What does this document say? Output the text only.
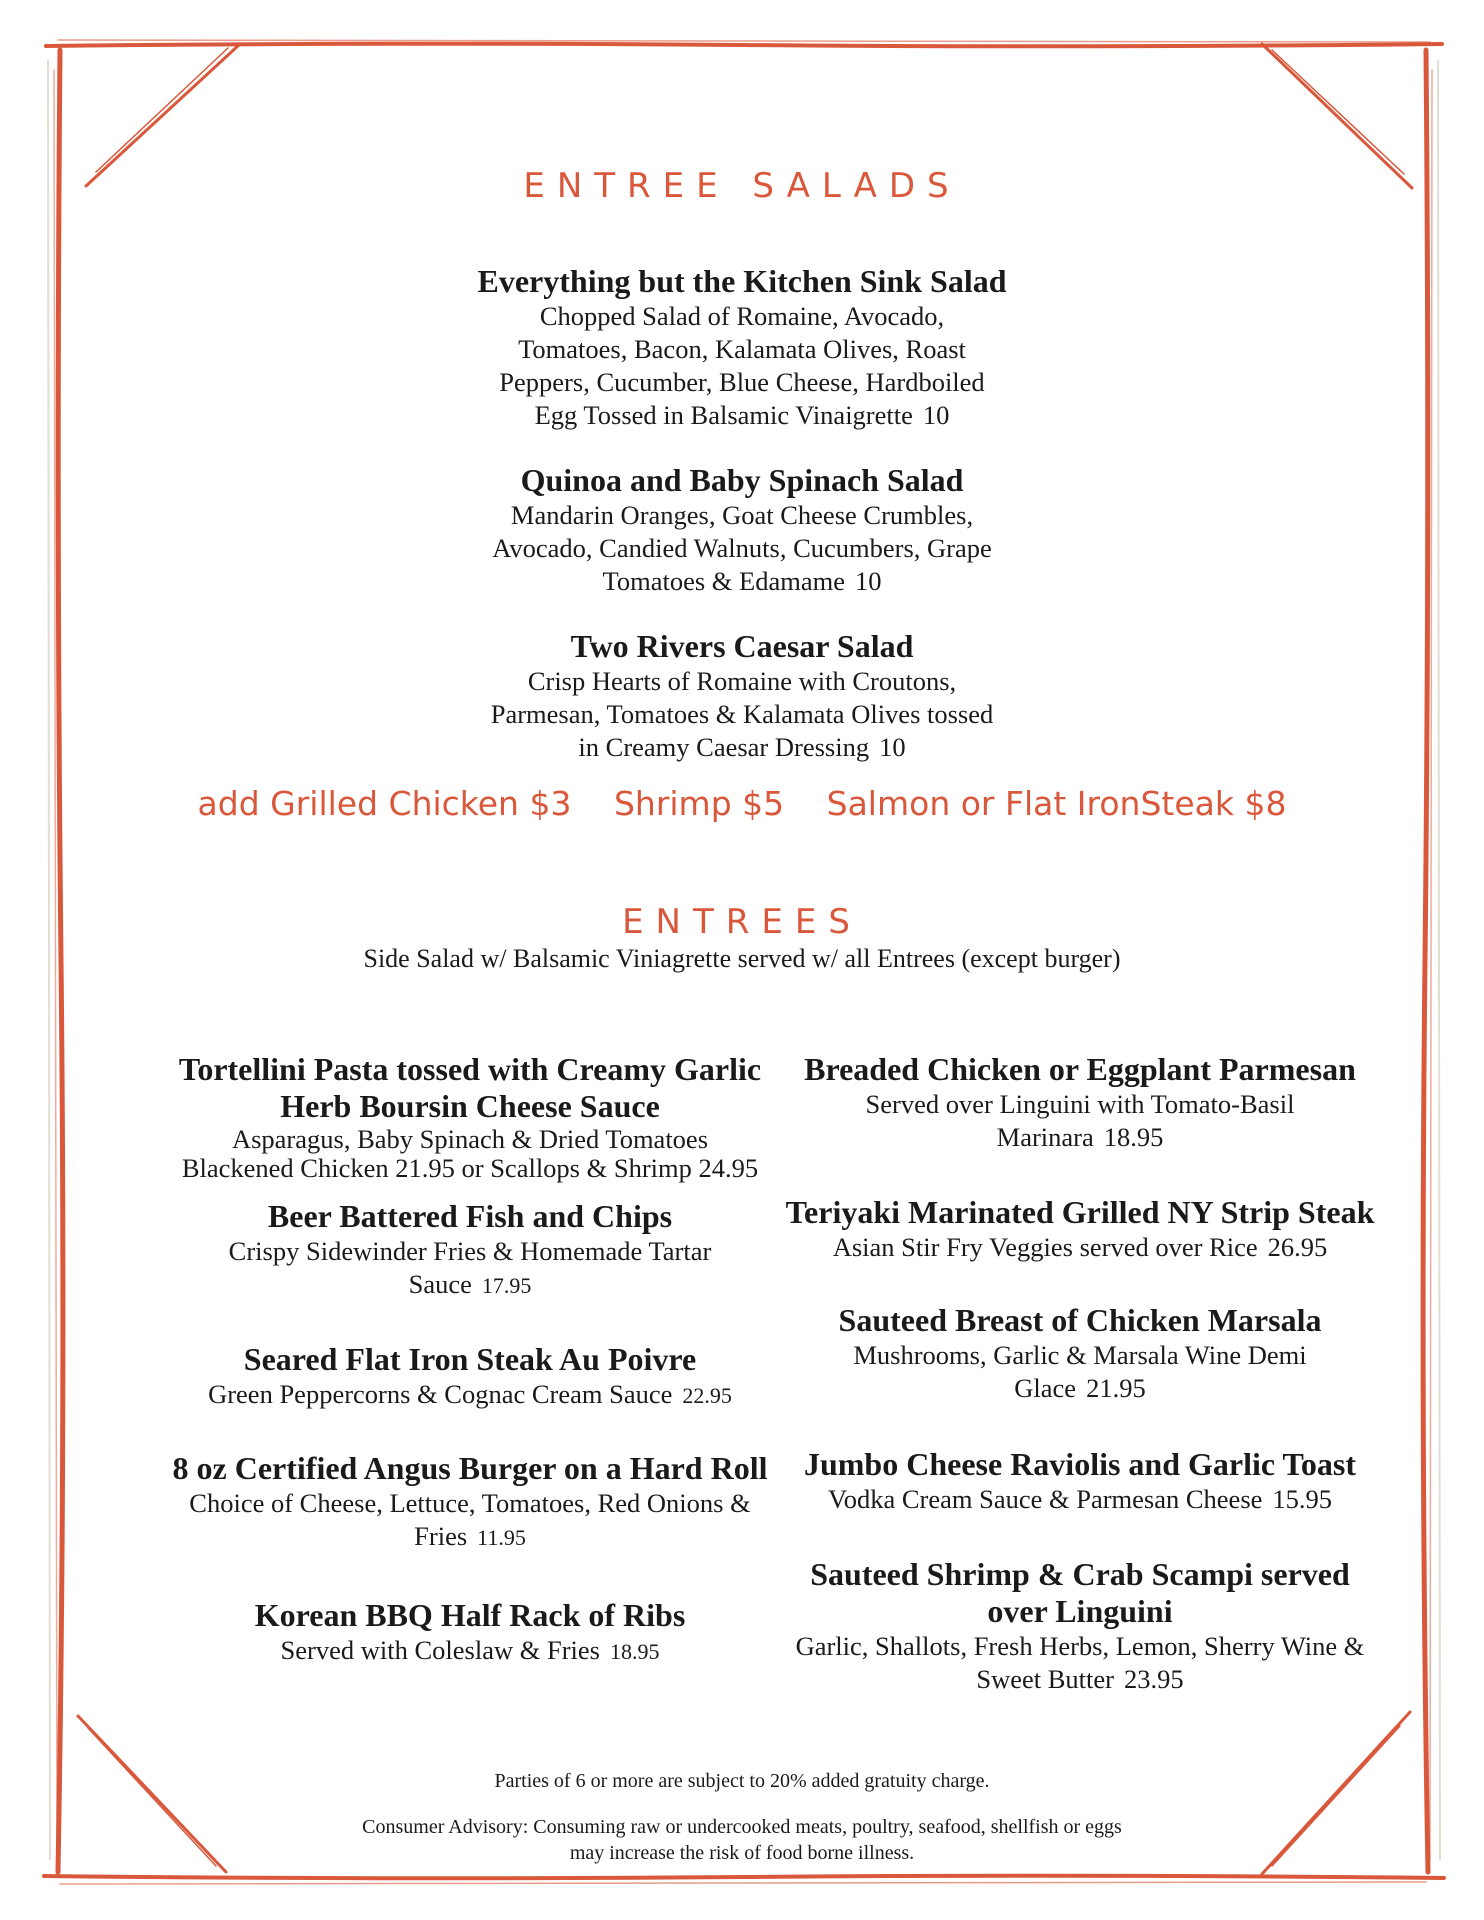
ENTREE SALADS
Everything but the Kitchen Sink Salad
Chopped Salad of Romaine, Avocado,
Tomatoes, Bacon, Kalamata Olives, Roast
Peppers, Cucumber, Blue Cheese, Hardboiled
Egg Tossed in Balsamic Vinaigrette 10
Quinoa and Baby Spinach Salad
Mandarin Oranges, Goat Cheese Crumbles,
Avocado, Candied Walnuts, Cucumbers, Grape
Tomatoes & Edamame 10
Two Rivers Caesar Salad
Crisp Hearts of Romaine with Croutons,
Parmesan, Tomatoes & Kalamata Olives tossed
in Creamy Caesar Dressing 10
add Grilled Chicken $3 Shrimp $5 Salmon or Flat IronSteak $8
ENTREES
Side Salad w/ Balsamic Viniagrette served w/ all Entrees (except burger)
Tortellini Pasta tossed with Creamy Garlic
Herb Boursin Cheese Sauce
Asparagus, Baby Spinach & Dried Tomatoes
Blackened Chicken 21.95 or Scallops & Shrimp 24.95
Beer Battered Fish and Chips
Crispy Sidewinder Fries & Homemade Tartar
Sauce 17.95
Seared Flat Iron Steak Au Poivre
Green Peppercorns & Cognac Cream Sauce 22.95
8 oz Certified Angus Burger on a Hard Roll
Choice of Cheese, Lettuce, Tomatoes, Red Onions &
Fries 11.95
Korean BBQ Half Rack of Ribs
Served with Coleslaw & Fries 18.95
Breaded Chicken or Eggplant Parmesan
Served over Linguini with Tomato-Basil
Marinara 18.95
Teriyaki Marinated Grilled NY Strip Steak
Asian Stir Fry Veggies served over Rice 26.95
Sauteed Breast of Chicken Marsala
Mushrooms, Garlic & Marsala Wine Demi
Glace 21.95
Jumbo Cheese Raviolis and Garlic Toast
Vodka Cream Sauce & Parmesan Cheese 15.95
Sauteed Shrimp & Crab Scampi served
over Linguini
Garlic, Shallots, Fresh Herbs, Lemon, Sherry Wine &
Sweet Butter 23.95
Parties of 6 or more are subject to 20% added gratuity charge.
Consumer Advisory: Consuming raw or undercooked meats, poultry, seafood, shellfish or eggs
may increase the risk of food borne illness.
